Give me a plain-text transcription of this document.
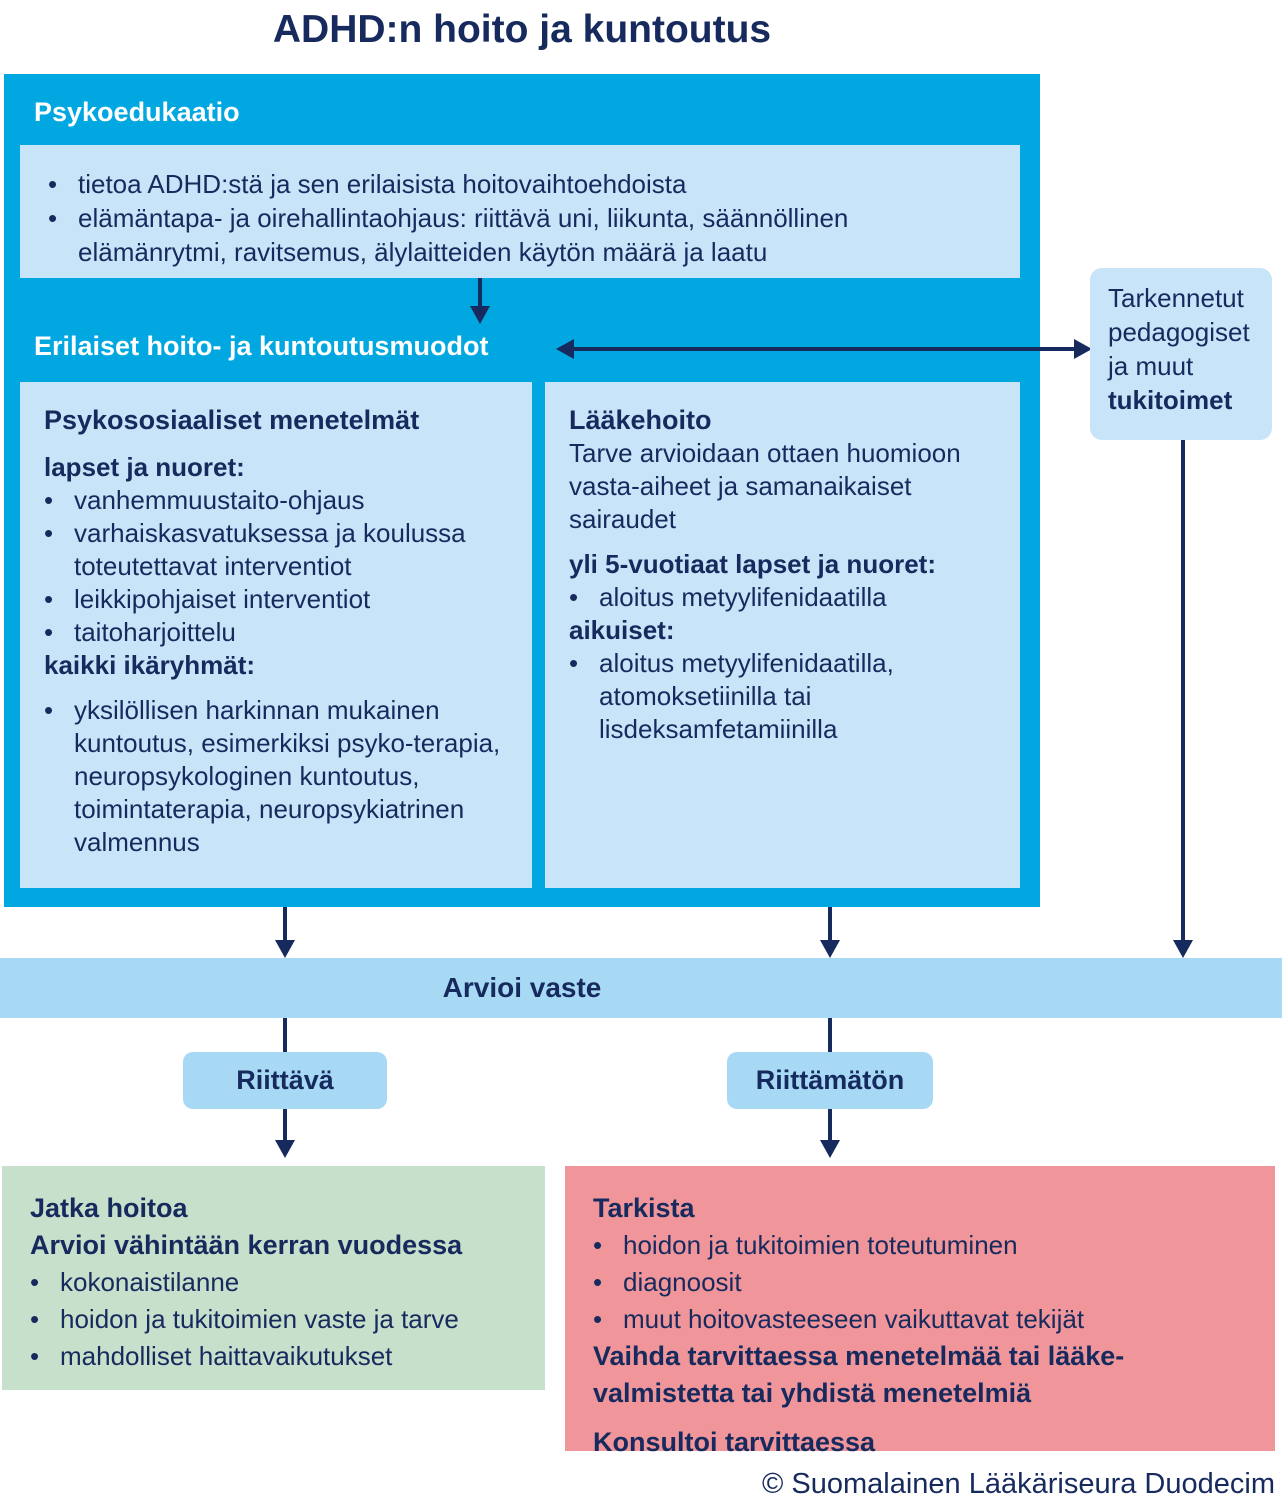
ADHD:n hoito ja kuntoutus
Psykoedukaatio
•
tietoa ADHD:stä ja sen erilaisista hoitovaihtoehdoista
•
elämäntapa- ja oirehallintaohjaus: riittävä uni, liikunta, säännöllinen elämänrytmi, ravitsemus, älylaitteiden käytön määrä ja laatu
Erilaiset hoito- ja kuntoutusmuodot
Psykososiaaliset menetelmät
lapset ja nuoret:
•
vanhemmuustaito-ohjaus
•
varhaiskasvatuksessa ja koulussa toteutettavat interventiot
•
leikkipohjaiset interventiot
•
taitoharjoittelu
kaikki ikäryhmät:
•
yksilöllisen harkinnan mukainen kuntoutus, esimerkiksi psyko-terapia, neuropsykologinen kuntoutus, toimintaterapia, neuropsykiatrinen valmennus
Lääkehoito
Tarve arvioidaan ottaen huomioon vasta-aiheet ja samanaikaiset sairaudet
yli 5-vuotiaat lapset ja nuoret:
•
aloitus metyylifenidaatilla
aikuiset:
•
aloitus metyylifenidaatilla, atomoksetiinilla tai lisdeksamfetamiinilla
Tarkennetut
pedagogiset
ja muut
tukitoimet
Arvioi vaste
Riittävä	Riittämätön
Jatka hoitoa
Arvioi vähintään kerran vuodessa
•
kokonaistilanne
•
hoidon ja tukitoimien vaste ja tarve
•
mahdolliset haittavaikutukset
Tarkista
•
hoidon ja tukitoimien toteutuminen
•
diagnoosit
•
muut hoitovasteeseen vaikuttavat tekijät
Vaihda tarvittaessa menetelmää tai lääke-valmistetta tai yhdistä menetelmiä
Konsultoi tarvittaessa
© Suomalainen Lääkäriseura Duodecim
